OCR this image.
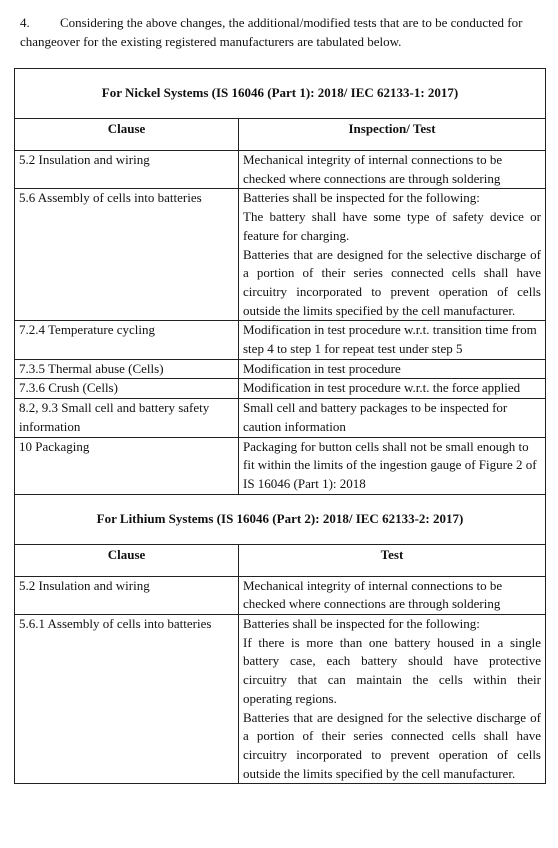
4. Considering the above changes, the additional/modified tests that are to be conducted for changeover for the existing registered manufacturers are tabulated below.
For Nickel Systems (IS 16046 (Part 1): 2018/ IEC 62133-1: 2017)	
Clause	Inspection/ Test
5.2 Insulation and wiring	Mechanical integrity of internal connections to be checked where connections are through soldering
5.6 Assembly of cells into batteries	Batteries shall be inspected for the following:
The battery shall have some type of safety device or feature for charging.
Batteries that are designed for the selective discharge of a portion of their series connected cells shall have circuitry incorporated to prevent operation of cells outside the limits specified by the cell manufacturer.

7.2.4 Temperature cycling	Modification in test procedure w.r.t. transition time from step 4 to step 1 for repeat test under step 5
7.3.5 Thermal abuse (Cells)	Modification in test procedure
7.3.6 Crush (Cells)	Modification in test procedure w.r.t. the force applied
8.2, 9.3 Small cell and battery safety information	Small cell and battery packages to be inspected for caution information
10 Packaging	Packaging for button cells shall not be small enough to fit within the limits of the ingestion gauge of Figure 2 of IS 16046 (Part 1): 2018
For Lithium Systems (IS 16046 (Part 2): 2018/ IEC 62133-2: 2017)	
Clause	Test
5.2 Insulation and wiring	Mechanical integrity of internal connections to be checked where connections are through soldering
5.6.1 Assembly of cells into batteries	Batteries shall be inspected for the following:
If there is more than one battery housed in a single battery case, each battery should have protective circuitry that can maintain the cells within their operating regions.
Batteries that are designed for the selective discharge of a portion of their series connected cells shall have circuitry incorporated to prevent operation of cells outside the limits specified by the cell manufacturer.
